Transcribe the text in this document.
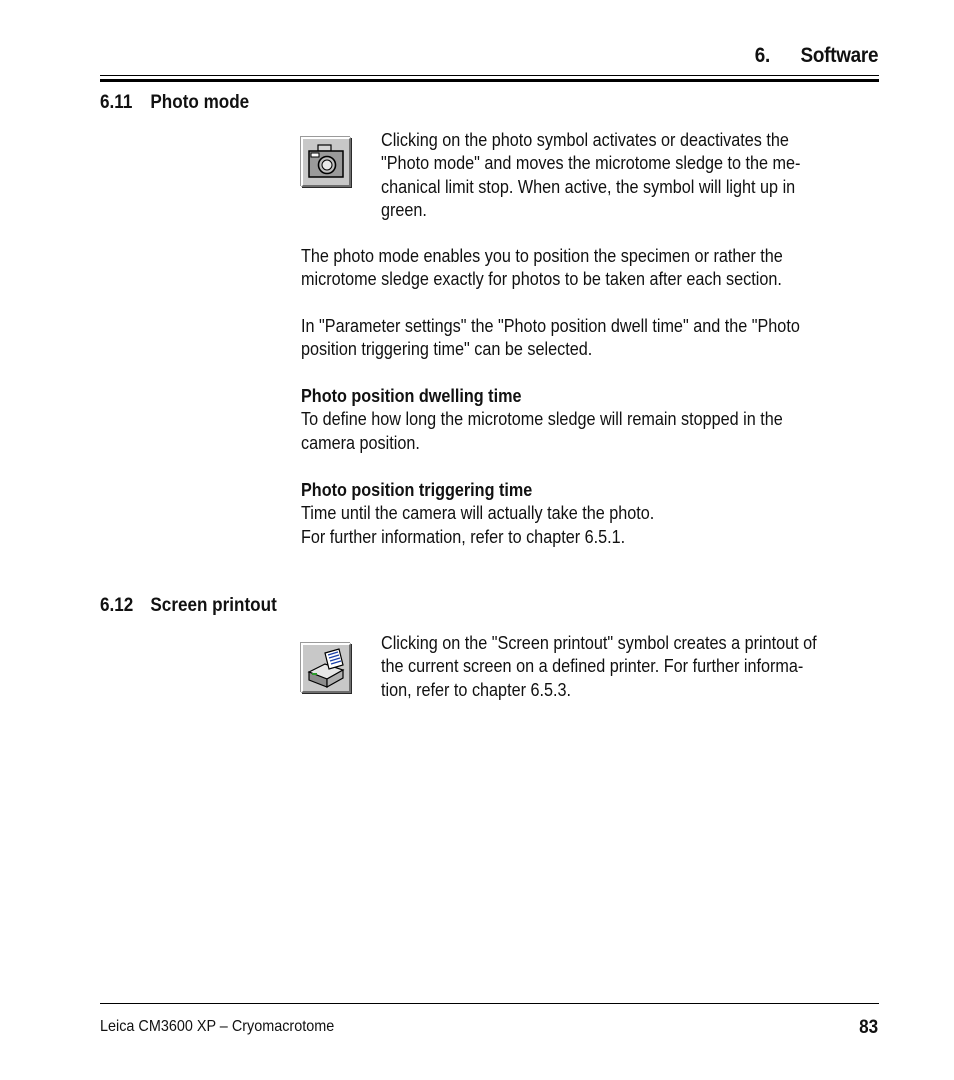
6. Software
6.11 Photo mode

Clicking on the photo symbol activates or deactivates the

"Photo mode" and moves the microtome sledge to the me-

chanical limit stop. When active, the symbol will light up in

green.

The photo mode enables you to position the specimen or rather the

microtome sledge exactly for photos to be taken after each section.

In "Parameter settings" the "Photo position dwell time" and the "Photo

position triggering time" can be selected.

Photo position dwelling time

To define how long the microtome sledge will remain stopped in the

camera position.

Photo position triggering time

Time until the camera will actually take the photo.

For further information, refer to chapter 6.5.1.

6.12 Screen printout

Clicking on the "Screen printout" symbol creates a printout of

the current screen on a defined printer. For further informa-

tion, refer to chapter 6.5.3.

Leica CM3600 XP – Cryomacrotome	83
